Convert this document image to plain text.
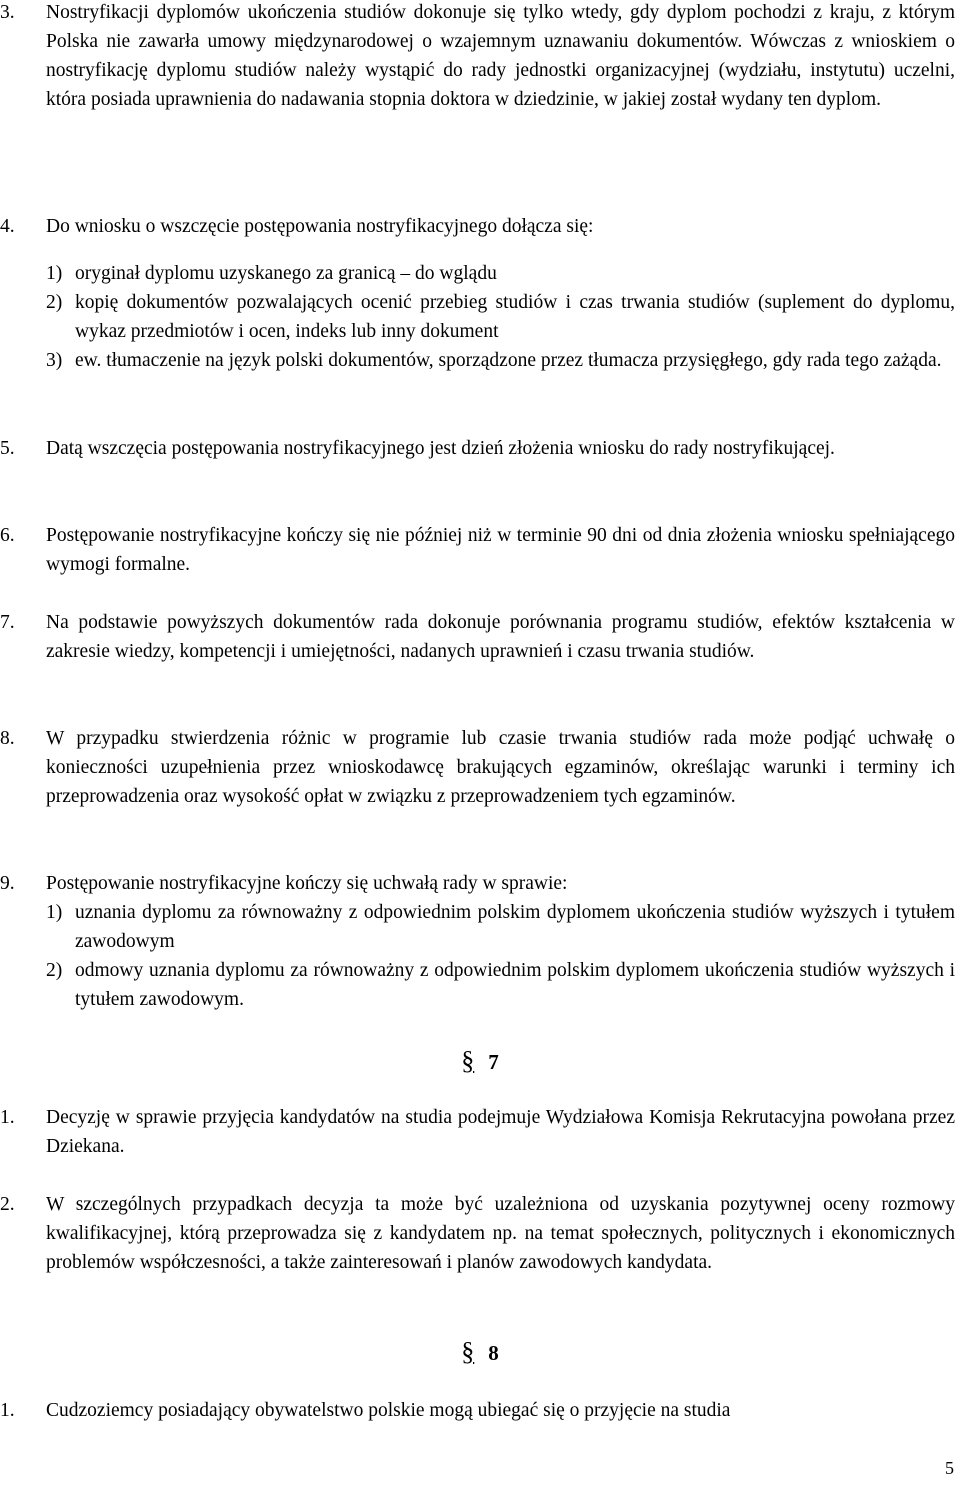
3. Nostryfikacji dyplomów ukończenia studiów dokonuje się tylko wtedy, gdy dyplom pochodzi z kraju, z którym Polska nie zawarła umowy międzynarodowej o wzajemnym uznawaniu dokumentów. Wówczas z wnioskiem o nostryfikację dyplomu studiów należy wystąpić do rady jednostki organizacyjnej (wydziału, instytutu) uczelni, która posiada uprawnienia do nadawania stopnia doktora w dziedzinie, w jakiej został wydany ten dyplom.
4. Do wniosku o wszczęcie postępowania nostryfikacyjnego dołącza się:
1) oryginał dyplomu uzyskanego za granicą – do wglądu
2) kopię dokumentów pozwalających ocenić przebieg studiów i czas trwania studiów (suplement do dyplomu, wykaz przedmiotów i ocen, indeks lub inny dokument
3) ew. tłumaczenie na język polski dokumentów, sporządzone przez tłumacza przysięgłego, gdy rada tego zażąda.
5. Datą wszczęcia postępowania nostryfikacyjnego jest dzień złożenia wniosku do rady nostryfikującej.
6. Postępowanie nostryfikacyjne kończy się nie później niż w terminie 90 dni od dnia złożenia wniosku spełniającego wymogi formalne.
7. Na podstawie powyższych dokumentów rada dokonuje porównania programu studiów, efektów kształcenia w zakresie wiedzy, kompetencji i umiejętności, nadanych uprawnień i czasu trwania studiów.
8. W przypadku stwierdzenia różnic w programie lub czasie trwania studiów rada może podjąć uchwałę o konieczności uzupełnienia przez wnioskodawcę brakujących egzaminów, określając warunki i terminy ich przeprowadzenia oraz wysokość opłat w związku z przeprowadzeniem tych egzaminów.
9. Postępowanie nostryfikacyjne kończy się uchwałą rady w sprawie:
1) uznania dyplomu za równoważny z odpowiednim polskim dyplomem ukończenia studiów wyższych i tytułem zawodowym
2) odmowy uznania dyplomu za równoważny z odpowiednim polskim dyplomem ukończenia studiów wyższych i tytułem zawodowym.
§ 7
1. Decyzję w sprawie przyjęcia kandydatów na studia podejmuje Wydziałowa Komisja Rekrutacyjna powołana przez Dziekana.
2. W szczególnych przypadkach decyzja ta może być uzależniona od uzyskania pozytywnej oceny rozmowy kwalifikacyjnej, którą przeprowadza się z kandydatem np. na temat społecznych, politycznych i ekonomicznych problemów współczesności, a także zainteresowań i planów zawodowych kandydata.
§ 8
1. Cudzoziemcy posiadający obywatelstwo polskie mogą ubiegać się o przyjęcie na studia
5
